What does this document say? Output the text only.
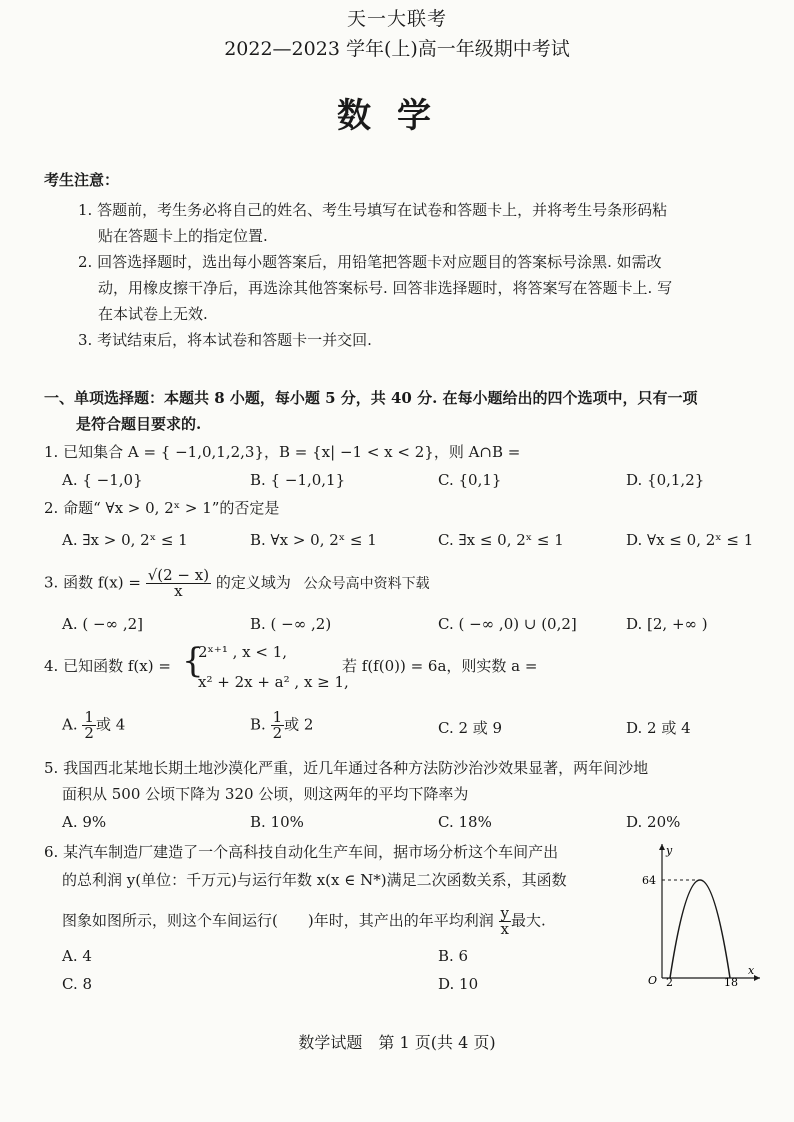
天一大联考
2022—2023 学年(上)高一年级期中考试
数学
考生注意：
1. 答题前，考生务必将自己的姓名、考生号填写在试卷和答题卡上，并将考生号条形码粘
贴在答题卡上的指定位置.
2. 回答选择题时，选出每小题答案后，用铅笔把答题卡对应题目的答案标号涂黑. 如需改
动，用橡皮擦干净后，再选涂其他答案标号. 回答非选择题时，将答案写在答题卡上. 写
在本试卷上无效.
3. 考试结束后，将本试卷和答题卡一并交回.
一、单项选择题：本题共 8 小题，每小题 5 分，共 40 分. 在每小题给出的四个选项中，只有一项
是符合题目要求的.
1. 已知集合 A = { −1,0,1,2,3}，B = {x| −1 < x < 2}，则 A∩B =
A. { −1,0}	B. { −1,0,1}	C. {0,1}	D. {0,1,2}
2. 命题“ ∀x > 0, 2ˣ > 1”的否定是
A. ∃x > 0, 2ˣ ≤ 1	B. ∀x > 0, 2ˣ ≤ 1	C. ∃x ≤ 0, 2ˣ ≤ 1	D. ∀x ≤ 0, 2ˣ ≤ 1
3. 函数 $f(x) = \frac{√(2 - x)}{x}$ 的定义域为 公众号高中资料下载
A. ( −∞ ,2]	B. ( −∞ ,2)	C. ( −∞ ,0) ∪ (0,2]	D. [2, +∞ )
4. 已知函数 f(x) = {
2ˣ⁺¹ , x < 1,
x² + 2x + a² , x ≥ 1,
若 f(f(0)) = 6a，则实数 a =
A. $\frac{1}{2}$ 或 4	B. $\frac{1}{2}$ 或 2	C. 2 或 9	D. 2 或 4
5. 我国西北某地长期土地沙漠化严重，近几年通过各种方法防沙治沙效果显著，两年间沙地
面积从 500 公顷下降为 320 公顷，则这两年的平均下降率为
A. 9%	B. 10%	C. 18%	D. 20%
6. 某汽车制造厂建造了一个高科技自动化生产车间，据市场分析这个车间产出
的总利润 y(单位：千万元)与运行年数 x(x ∈ N*)满足二次函数关系，其函数
图象如图所示，则这个车间运行(　　)年时，其产出的年平均利润 $\frac{y}{x}$ 最大.
A. 4	B. 6
C. 8	D. 10
y
x
O
64
2	18
数学试题　第 1 页(共 4 页)
